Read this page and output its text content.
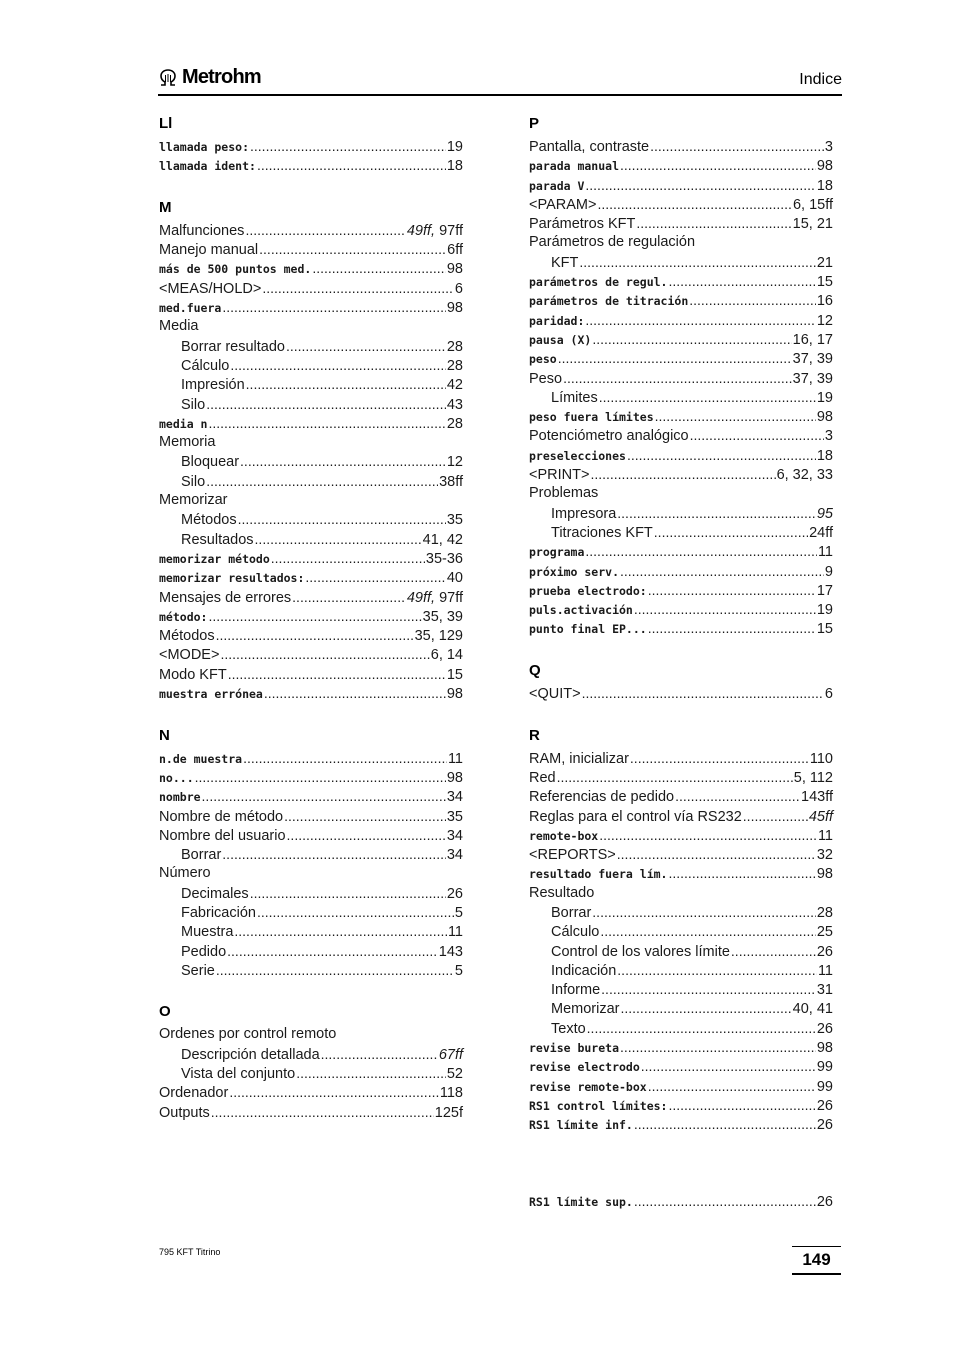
Metrohm	Indice
Ll
llamada peso: .....	19
llamada ident: .....	18
M
Malfunciones .....	49ff, 97ff
Manejo manual .....	6ff
más de 500 puntos med. .....	98
<MEAS/HOLD> .....	6
med.fuera .....	98
Media
Borrar resultado .....	28
Cálculo .....	28
Impresión .....	42
Silo .....	43
media n .....	28
Memoria
Bloquear .....	12
Silo .....	38ff
Memorizar
Métodos .....	35
Resultados .....	41, 42
memorizar método .....	35-36
memorizar resultados: .....	40
Mensajes de errores .....	49ff, 97ff
método: .....	35, 39
Métodos .....	35, 129
<MODE> .....	6, 14
Modo KFT .....	15
muestra errónea .....	98
N
n.de muestra .....	11
no... .....	98
nombre .....	34
Nombre de método .....	35
Nombre del usuario .....	34
Borrar .....	34
Número
Decimales .....	26
Fabricación .....	5
Muestra .....	11
Pedido .....	143
Serie .....	5
O
Ordenes por control remoto
Descripción detallada .....	67ff
Vista del conjunto .....	52
Ordenador .....	118
Outputs .....	125f
P
Pantalla, contraste .....	3
parada manual .....	98
parada V .....	18
<PARAM> .....	6, 15ff
Parámetros KFT .....	15, 21
Parámetros de regulación
KFT .....	21
parámetros de regul. .....	15
parámetros de titración .....	16
paridad: .....	12
pausa (X) .....	16, 17
peso .....	37, 39
Peso .....	37, 39
Límites .....	19
peso fuera límites .....	98
Potenciómetro analógico .....	3
preselecciones .....	18
<PRINT> .....	6, 32, 33
Problemas
Impresora .....	95
Titraciones KFT .....	24ff
programa .....	11
próximo serv. .....	9
prueba electrodo: .....	17
puls.activación .....	19
punto final EP... .....	15
Q
<QUIT> .....	6
R
RAM, inicializar .....	110
Red .....	5, 112
Referencias de pedido .....	143ff
Reglas para el control vía RS232 .....	45ff
remote-box .....	11
<REPORTS> .....	32
resultado fuera lím. .....	98
Resultado
Borrar .....	28
Cálculo .....	25
Control de los valores límite .....	26
Indicación .....	11
Informe .....	31
Memorizar .....	40, 41
Texto .....	26
revise bureta .....	98
revise electrodo .....	99
revise remote-box .....	99
RS1 control límites: .....	26
RS1 límite inf. .....	26
RS1 límite sup. .....	26
795 KFT Titrino	149
